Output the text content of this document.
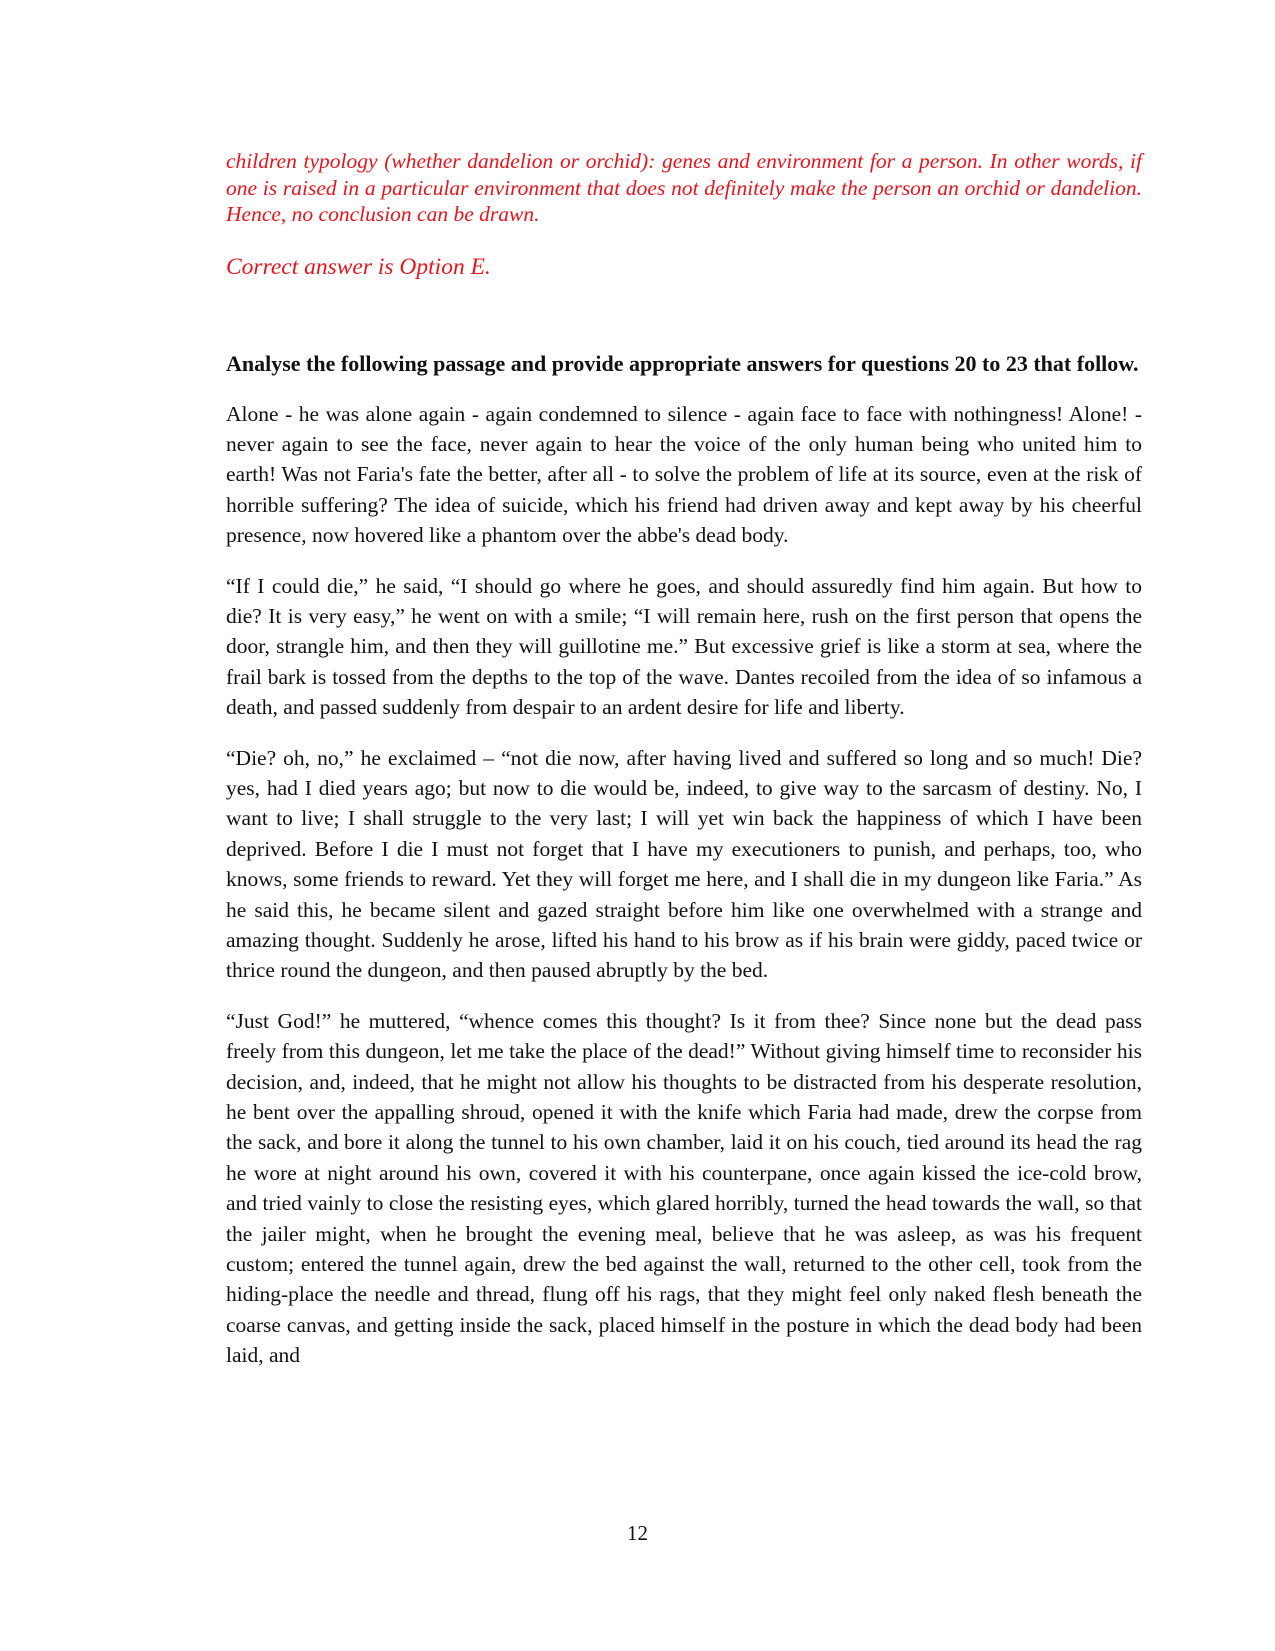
children typology (whether dandelion or orchid): genes and environment for a person. In other words, if one is raised in a particular environment that does not definitely make the person an orchid or dandelion. Hence, no conclusion can be drawn.

Correct answer is Option E.

Analyse the following passage and provide appropriate answers for questions 20 to 23 that follow.

Alone - he was alone again - again condemned to silence - again face to face with nothingness! Alone! - never again to see the face, never again to hear the voice of the only human being who united him to earth! Was not Faria's fate the better, after all - to solve the problem of life at its source, even at the risk of horrible suffering? The idea of suicide, which his friend had driven away and kept away by his cheerful presence, now hovered like a phantom over the abbe's dead body.

“If I could die,” he said, “I should go where he goes, and should assuredly find him again. But how to die? It is very easy,” he went on with a smile; “I will remain here, rush on the first person that opens the door, strangle him, and then they will guillotine me.” But excessive grief is like a storm at sea, where the frail bark is tossed from the depths to the top of the wave. Dantes recoiled from the idea of so infamous a death, and passed suddenly from despair to an ardent desire for life and liberty.

“Die? oh, no,” he exclaimed – “not die now, after having lived and suffered so long and so much! Die? yes, had I died years ago; but now to die would be, indeed, to give way to the sarcasm of destiny. No, I want to live; I shall struggle to the very last; I will yet win back the happiness of which I have been deprived. Before I die I must not forget that I have my executioners to punish, and perhaps, too, who knows, some friends to reward. Yet they will forget me here, and I shall die in my dungeon like Faria.” As he said this, he became silent and gazed straight before him like one overwhelmed with a strange and amazing thought. Suddenly he arose, lifted his hand to his brow as if his brain were giddy, paced twice or thrice round the dungeon, and then paused abruptly by the bed.

“Just God!” he muttered, “whence comes this thought? Is it from thee? Since none but the dead pass freely from this dungeon, let me take the place of the dead!” Without giving himself time to reconsider his decision, and, indeed, that he might not allow his thoughts to be distracted from his desperate resolution, he bent over the appalling shroud, opened it with the knife which Faria had made, drew the corpse from the sack, and bore it along the tunnel to his own chamber, laid it on his couch, tied around its head the rag he wore at night around his own, covered it with his counterpane, once again kissed the ice-cold brow, and tried vainly to close the resisting eyes, which glared horribly, turned the head towards the wall, so that the jailer might, when he brought the evening meal, believe that he was asleep, as was his frequent custom; entered the tunnel again, drew the bed against the wall, returned to the other cell, took from the hiding-place the needle and thread, flung off his rags, that they might feel only naked flesh beneath the coarse canvas, and getting inside the sack, placed himself in the posture in which the dead body had been laid, and

12
